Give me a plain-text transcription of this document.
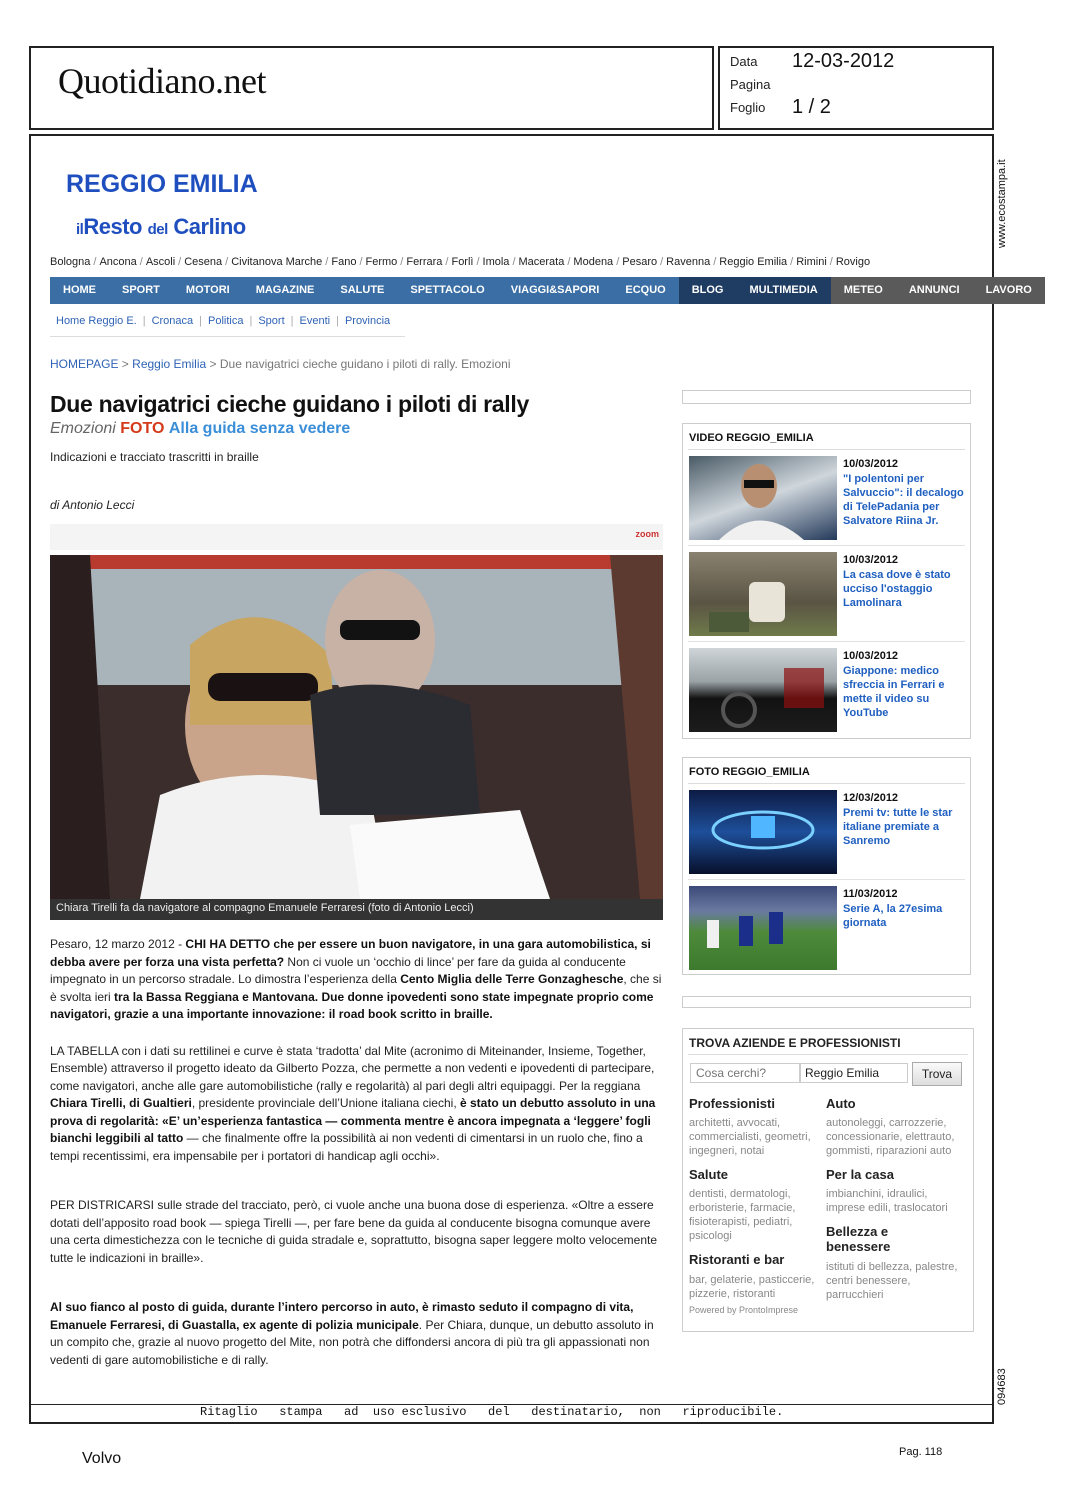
Quotidiano.net	Data 12-03-2012
Pagina
Foglio 1 / 2
Ritaglio   stampa   ad  uso esclusivo   del   destinatario,  non   riproducibile.
www.ecostampa.it
094683
REGGIO EMILIA
ilResto del Carlino
Bologna / Ancona / Ascoli / Cesena / Civitanova Marche / Fano / Fermo / Ferrara / Forlì / Imola / Macerata / Modena / Pesaro / Ravenna / Reggio Emilia / Rimini / Rovigo
HOME	SPORT	MOTORI	MAGAZINE	SALUTE	SPETTACOLO	VIAGGI&SAPORI	ECQUO	BLOG	MULTIMEDIA	METEO	ANNUNCI	LAVORO
Home Reggio E. | Cronaca | Politica | Sport | Eventi | Provincia
HOMEPAGE > Reggio Emilia > Due navigatrici cieche guidano i piloti di rally. Emozioni
Due navigatrici cieche guidano i piloti di rally
Emozioni FOTO Alla guida senza vedere
Indicazioni e tracciato trascritti in braille
di Antonio Lecci
zoom
Chiara Tirelli fa da navigatore al compagno Emanuele Ferraresi (foto di Antonio Lecci)

Pesaro, 12 marzo 2012 - CHI HA DETTO che per essere un buon navigatore, in una gara automobilistica, si debba avere per forza una vista perfetta? Non ci vuole un ‘occhio di lince’ per fare da guida al conducente impegnato in un percorso stradale. Lo dimostra l’esperienza della Cento Miglia delle Terre Gonzaghesche, che si è svolta ieri tra la Bassa Reggiana e Mantovana. Due donne ipovedenti sono state impegnate proprio come navigatori, grazie a una importante innovazione: il road book scritto in braille.

LA TABELLA con i dati su rettilinei e curve è stata ‘tradotta’ dal Mite (acronimo di Miteinander, Insieme, Together, Ensemble) attraverso il progetto ideato da Gilberto Pozza, che permette a non vedenti e ipovedenti di partecipare, come navigatori, anche alle gare automobilistiche (rally e regolarità) al pari degli altri equipaggi. Per la reggiana Chiara Tirelli, di Gualtieri, presidente provinciale dell’Unione italiana ciechi, è stato un debutto assoluto in una prova di regolarità: «E’ un’esperienza fantastica — commenta mentre è ancora impegnata a ‘leggere’ fogli bianchi leggibili al tatto — che finalmente offre la possibilità ai non vedenti di cimentarsi in un ruolo che, fino a tempi recentissimi, era impensabile per i portatori di handicap agli occhi».

PER DISTRICARSI sulle strade del tracciato, però, ci vuole anche una buona dose di esperienza. «Oltre a essere dotati dell’apposito road book — spiega Tirelli —, per fare bene da guida al conducente bisogna comunque avere una certa dimestichezza con le tecniche di guida stradale e, soprattutto, bisogna saper leggere molto velocemente tutte le indicazioni in braille».

Al suo fianco al posto di guida, durante l’intero percorso in auto, è rimasto seduto il compagno di vita, Emanuele Ferraresi, di Guastalla, ex agente di polizia municipale. Per Chiara, dunque, un debutto assoluto in un compito che, grazie al nuovo progetto del Mite, non potrà che diffondersi ancora di più tra gli appassionati non vedenti di gare automobilistiche e di rally.

VIDEO REGGIO_EMILIA
10/03/2012
"I polentoni per Salvuccio": il decalogo di TelePadania per Salvatore Riina Jr.
10/03/2012
La casa dove è stato ucciso l'ostaggio Lamolinara
10/03/2012
Giappone: medico sfreccia in Ferrari e mette il video su YouTube
FOTO REGGIO_EMILIA
12/03/2012
Premi tv: tutte le star italiane premiate a Sanremo
11/03/2012
Serie A, la 27esima giornata
TROVA AZIENDE E PROFESSIONISTI
Cosa cerchi?
Reggio Emilia	Trova
Professionisti
architetti, avvocati, commercialisti, geometri, ingegneri, notai
Salute
dentisti, dermatologi, erboristerie, farmacie, fisioterapisti, pediatri, psicologi
Ristoranti e bar
bar, gelaterie, pasticcerie, pizzerie, ristoranti
Auto
autonoleggi, carrozzerie, concessionarie, elettrauto, gommisti, riparazioni auto
Per la casa
imbianchini, idraulici, imprese edili, traslocatori
Bellezza e benessere
istituti di bellezza, palestre, centri benessere, parrucchieri
Powered by ProntoImprese
Volvo	Pag. 118
